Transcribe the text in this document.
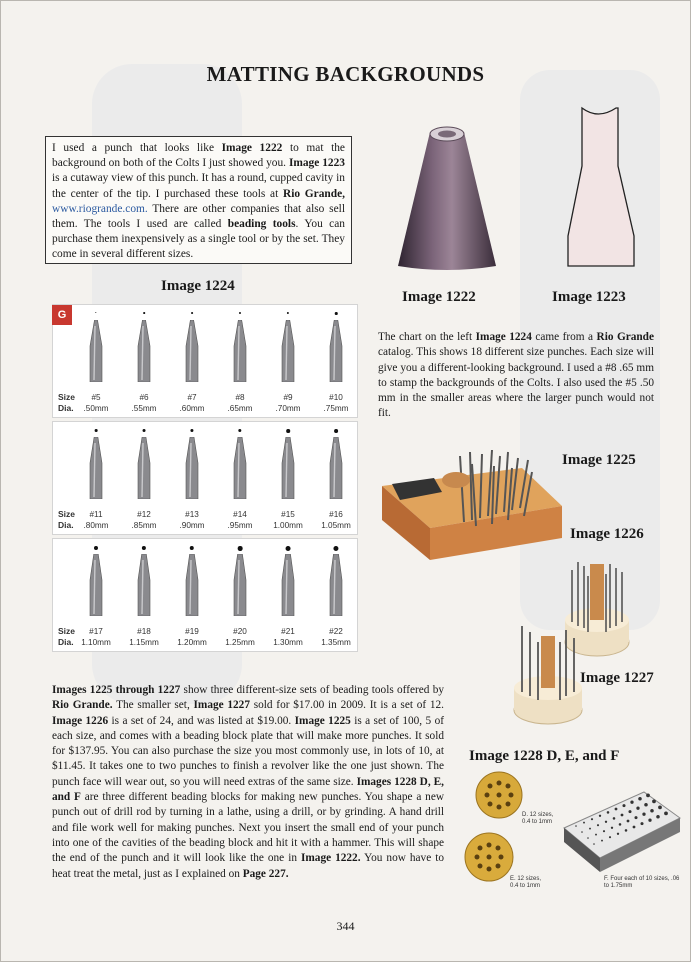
MATTING BACKGROUNDS
I used a punch that looks like Image 1222 to mat the background on both of the Colts I just showed you. Image 1223 is a cutaway view of this punch. It has a round, cupped cavity in the center of the tip. I purchased these tools at Rio Grande, www.riogrande.com. There are other companies that also sell them. The tools I used are called beading tools. You can purchase them inexpensively as a single tool or by the set. They come in several different sizes.
Image 1222	Image 1223
Image 1224
G
Size
Dia.
#5
.50mm
#6
.55mm
#7
.60mm
#8
.65mm
#9
.70mm
#10
.75mm
Size
Dia.
#11
.80mm
#12
.85mm
#13
.90mm
#14
.95mm
#15
1.00mm
#16
1.05mm
Size
Dia.
#17
1.10mm
#18
1.15mm
#19
1.20mm
#20
1.25mm
#21
1.30mm
#22
1.35mm
The chart on the left Image 1224 came from a Rio Grande catalog. This shows 18 different size punches. Each size will give you a different-looking background. I used a #8 .65 mm to stamp the backgrounds of the Colts. I also used the #5 .50 mm in the smaller areas where the larger punch would not fit.
Image 1225
Image 1226
Image 1227
Image 1228 D, E, and F
D. 12 sizes, 0.4 to 1mm
E. 12 sizes, 0.4 to 1mm
F. Four each of 10 sizes, .06 to 1.75mm
Images 1225 through 1227 show three different-size sets of beading tools offered by Rio Grande. The smaller set, Image 1227 sold for $17.00 in 2009. It is a set of 12. Image 1226 is a set of 24, and was listed at $19.00. Image 1225 is a set of 100, 5 of each size, and comes with a beading block plate that will make more punches. It sold for $137.95. You can also purchase the size you most commonly use, in lots of 10, at $11.45. It takes one to two punches to finish a revolver like the one just shown. The punch face will wear out, so you will need extras of the same size. Images 1228 D, E, and F are three different beading blocks for making new punches. You shape a new punch out of drill rod by turning in a lathe, using a drill, or by grinding. A hand drill and file work well for making punches. Next you insert the small end of your punch into one of the cavities of the beading block and hit it with a hammer. This will shape the end of the punch and it will look like the one in Image 1222. You now have to heat treat the metal, just as I explained on Page 227.
344
